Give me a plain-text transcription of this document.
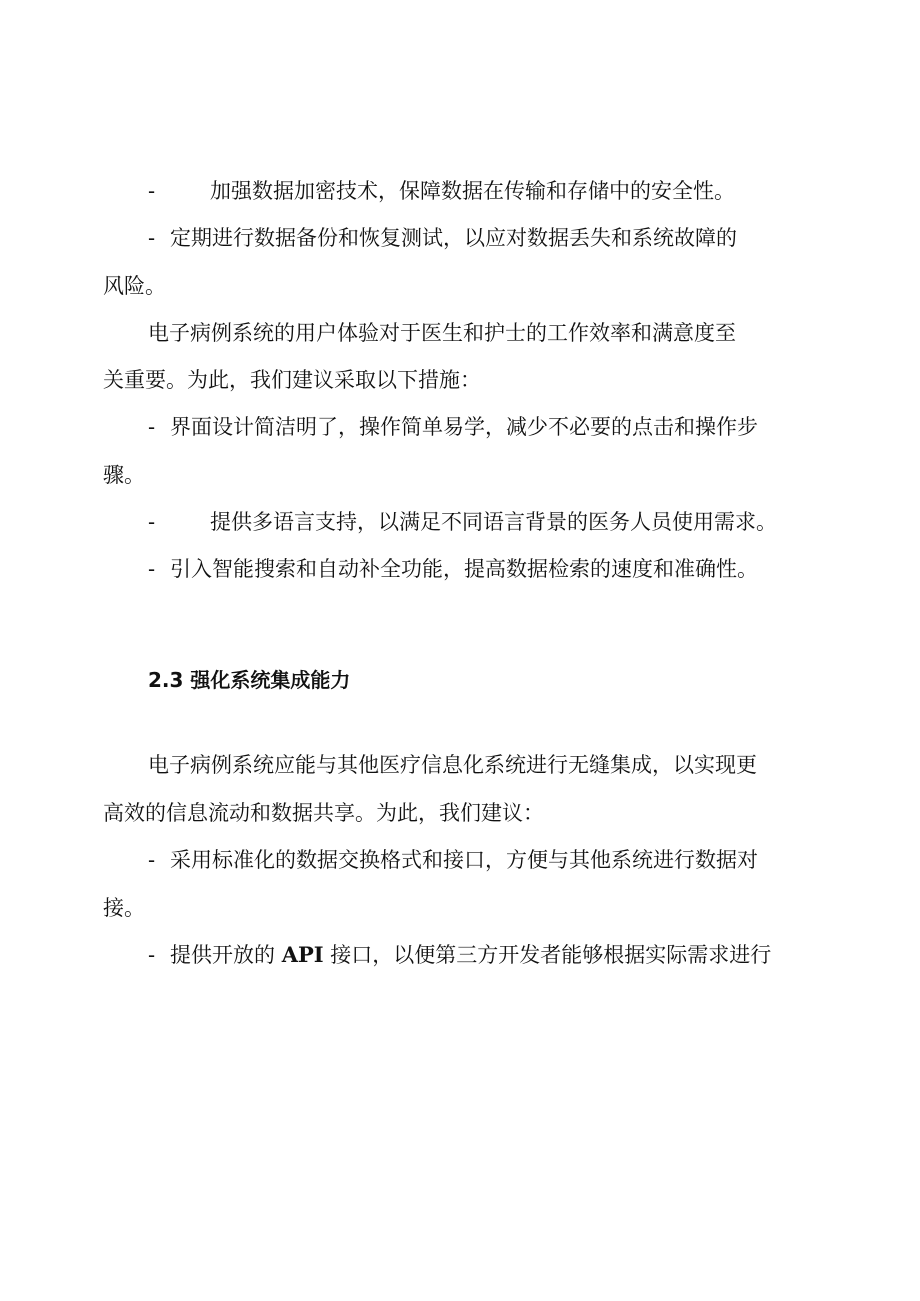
-	加强数据加密技术，保障数据在传输和存储中的安全性。
- 定期进行数据备份和恢复测试，以应对数据丢失和系统故障的
风险。
电子病例系统的用户体验对于医生和护士的工作效率和满意度至
关重要。为此，我们建议采取以下措施：
- 界面设计简洁明了，操作简单易学，减少不必要的点击和操作步
骤。
-	提供多语言支持，以满足不同语言背景的医务人员使用需求。
- 引入智能搜索和自动补全功能，提高数据检索的速度和准确性。
2.3 强化系统集成能力
电子病例系统应能与其他医疗信息化系统进行无缝集成，以实现更
高效的信息流动和数据共享。为此，我们建议：
- 采用标准化的数据交换格式和接口，方便与其他系统进行数据对
接。
- 提供开放的 API 接口，以便第三方开发者能够根据实际需求进行
